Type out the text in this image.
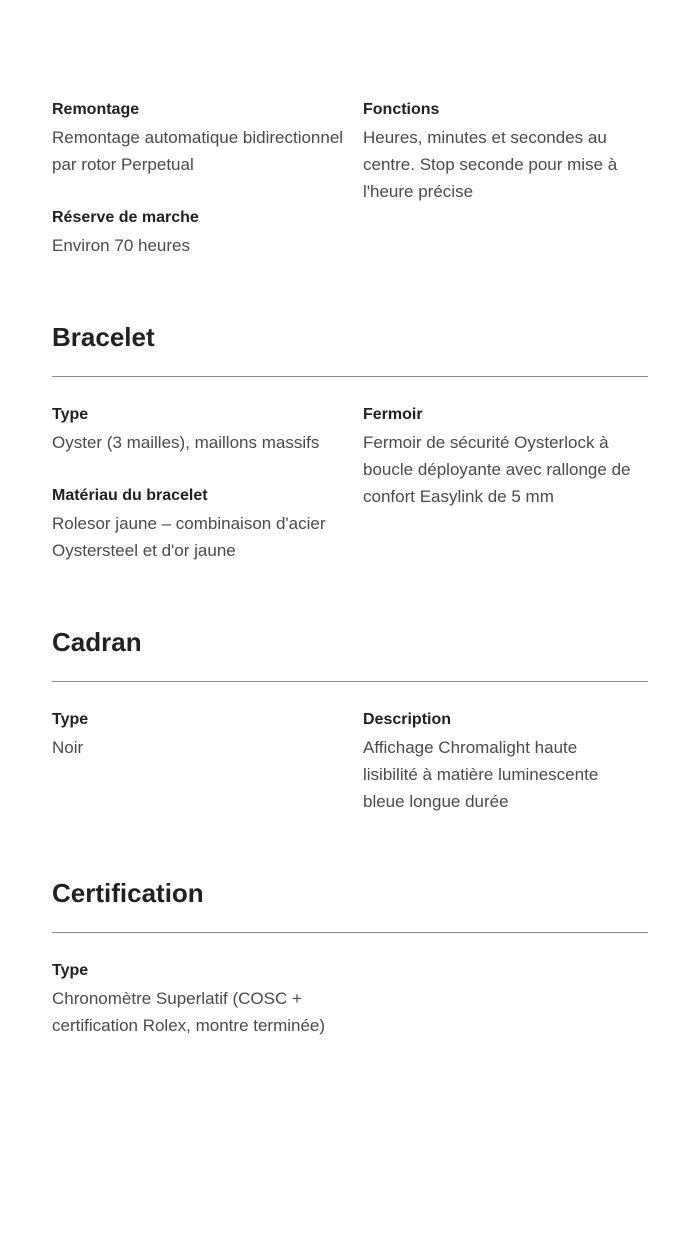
Remontage
Remontage automatique bidirectionnel par rotor Perpetual
Fonctions
Heures, minutes et secondes au centre. Stop seconde pour mise à l'heure précise
Réserve de marche
Environ 70 heures
Bracelet
Type
Oyster (3 mailles), maillons massifs
Fermoir
Fermoir de sécurité Oysterlock à boucle déployante avec rallonge de confort Easylink de 5 mm
Matériau du bracelet
Rolesor jaune – combinaison d'acier Oystersteel et d'or jaune
Cadran
Type
Noir
Description
Affichage Chromalight haute lisibilité à matière luminescente bleue longue durée
Certification
Type
Chronomètre Superlatif (COSC + certification Rolex, montre terminée)
